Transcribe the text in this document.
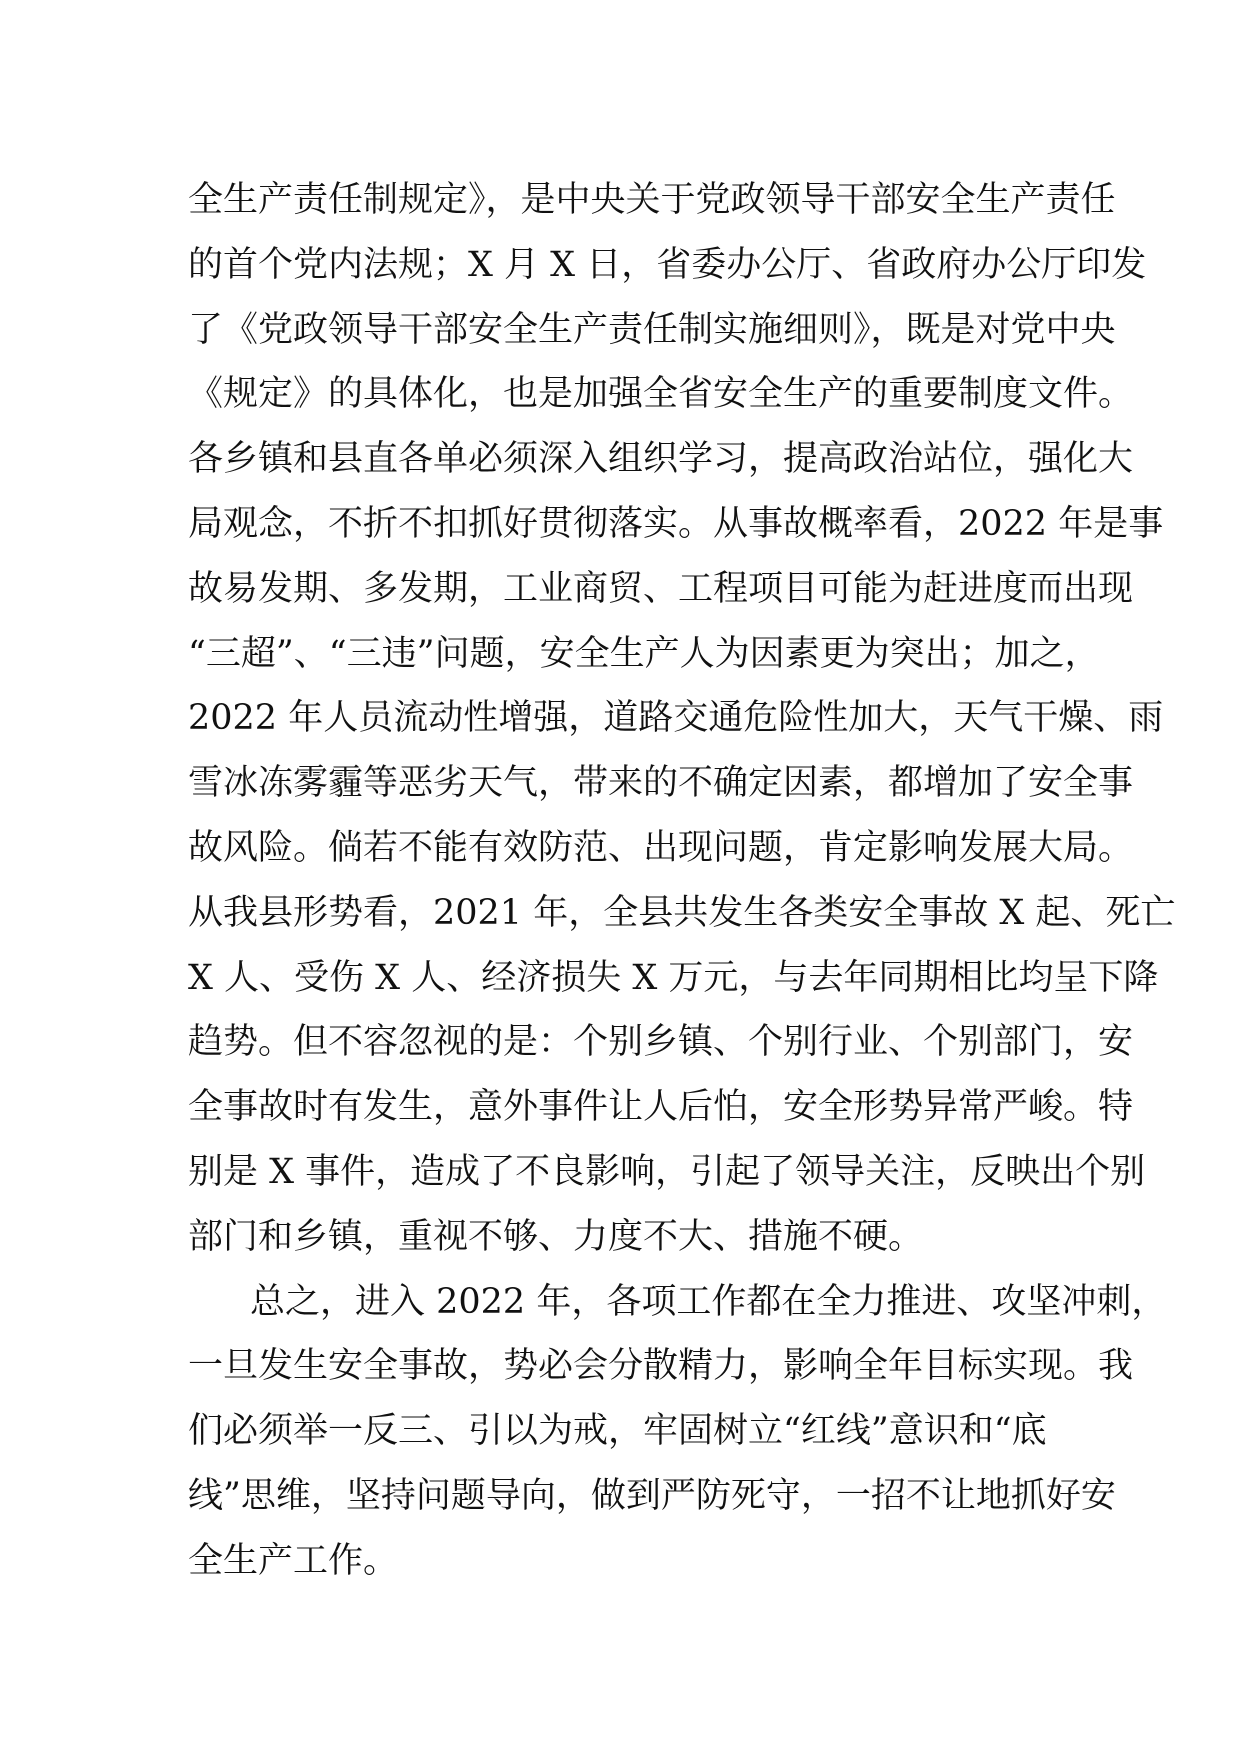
全生产责任制规定》，是中央关于党政领导干部安全生产责任
的首个党内法规；X 月 X 日，省委办公厅、省政府办公厅印发
了《党政领导干部安全生产责任制实施细则》，既是对党中央
《规定》的具体化，也是加强全省安全生产的重要制度文件。
各乡镇和县直各单必须深入组织学习，提高政治站位，强化大
局观念，不折不扣抓好贯彻落实。从事故概率看，2022 年是事
故易发期、多发期，工业商贸、工程项目可能为赶进度而出现
“三超”、“三违”问题，安全生产人为因素更为突出；加之，
2022 年人员流动性增强，道路交通危险性加大，天气干燥、雨
雪冰冻雾霾等恶劣天气，带来的不确定因素，都增加了安全事
故风险。倘若不能有效防范、出现问题，肯定影响发展大局。
从我县形势看，2021 年，全县共发生各类安全事故 X 起、死亡
X 人、受伤 X 人、经济损失 X 万元，与去年同期相比均呈下降
趋势。但不容忽视的是：个别乡镇、个别行业、个别部门，安
全事故时有发生，意外事件让人后怕，安全形势异常严峻。特
别是 X 事件，造成了不良影响，引起了领导关注，反映出个别
部门和乡镇，重视不够、力度不大、措施不硬。
总之，进入 2022 年，各项工作都在全力推进、攻坚冲刺，
一旦发生安全事故，势必会分散精力，影响全年目标实现。我
们必须举一反三、引以为戒，牢固树立“红线”意识和“底
线”思维，坚持问题导向，做到严防死守，一招不让地抓好安
全生产工作。
